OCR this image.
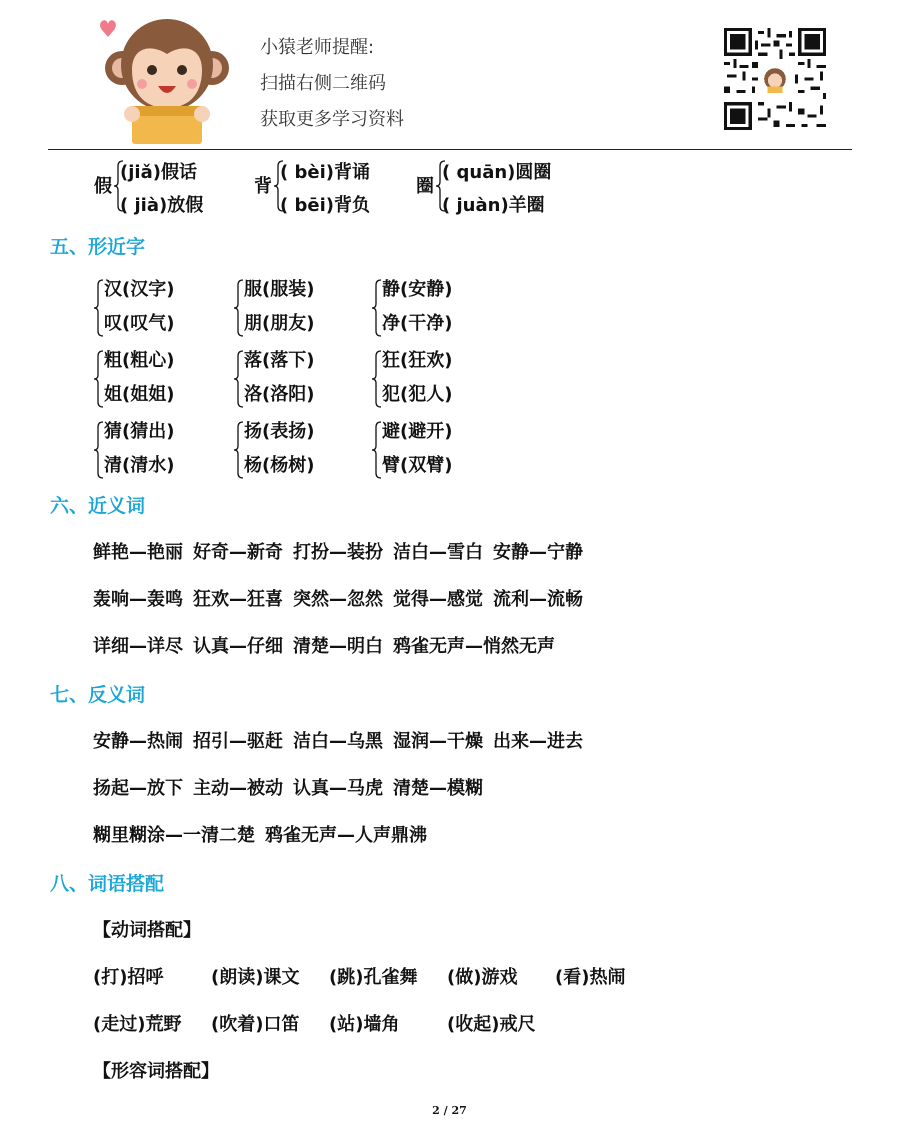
小猿老师提醒:
扫描右侧二维码
获取更多学习资料
假
(jiǎ)假话
( jià)放假
背
( bèi)背诵
( bēi)背负
圈
( quān)圆圈
( juàn)羊圈
五、形近字
汉(汉字)
叹(叹气)
服(服装)
朋(朋友)
静(安静)
净(干净)
粗(粗心)
姐(姐姐)
落(落下)
洛(洛阳)
狂(狂欢)
犯(犯人)
猜(猜出)
清(清水)
扬(表扬)
杨(杨树)
避(避开)
臂(双臂)
六、近义词
鲜艳—艳丽 好奇—新奇 打扮—装扮 洁白—雪白 安静—宁静
轰响—轰鸣 狂欢—狂喜 突然—忽然 觉得—感觉 流利—流畅
详细—详尽 认真—仔细 清楚—明白 鸦雀无声—悄然无声
七、反义词
安静—热闹 招引—驱赶 洁白—乌黑 湿润—干燥 出来—进去
扬起—放下 主动—被动 认真—马虎 清楚—模糊
糊里糊涂—一清二楚 鸦雀无声—人声鼎沸
八、词语搭配
【动词搭配】
(打)招呼	(朗读)课文 (跳)孔雀舞 (做)游戏 (看)热闹
(走过)荒野 (吹着)口笛 (站)墙角	(收起)戒尺
【形容词搭配】
2 / 27
